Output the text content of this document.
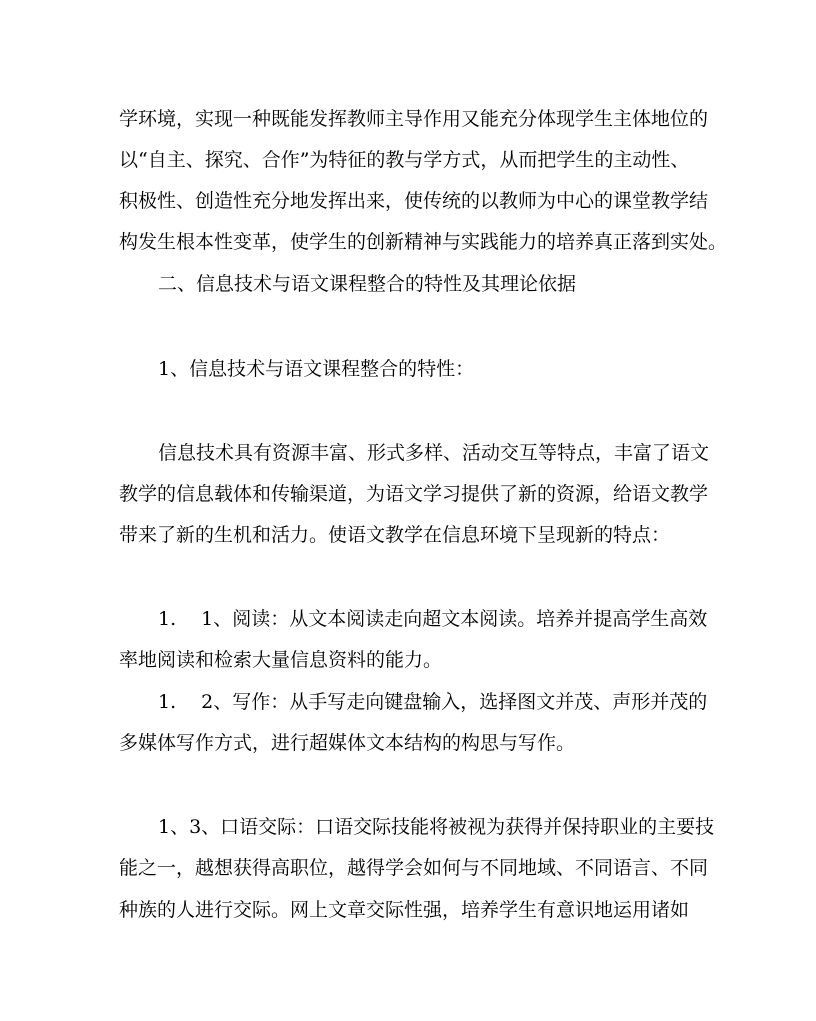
学环境，实现一种既能发挥教师主导作用又能充分体现学生主体地位的
以“自主、探究、合作”为特征的教与学方式，从而把学生的主动性、
积极性、创造性充分地发挥出来，使传统的以教师为中心的课堂教学结
构发生根本性变革，使学生的创新精神与实践能力的培养真正落到实处。
二、信息技术与语文课程整合的特性及其理论依据
1、信息技术与语文课程整合的特性：
信息技术具有资源丰富、形式多样、活动交互等特点，丰富了语文
教学的信息载体和传输渠道，为语文学习提供了新的资源，给语文教学
带来了新的生机和活力。使语文教学在信息环境下呈现新的特点：
1.　 1、阅读：从文本阅读走向超文本阅读。培养并提高学生高效
率地阅读和检索大量信息资料的能力。
1.　 2、写作：从手写走向键盘输入，选择图文并茂、声形并茂的
多媒体写作方式，进行超媒体文本结构的构思与写作。
1、3、口语交际：口语交际技能将被视为获得并保持职业的主要技
能之一，越想获得高职位，越得学会如何与不同地域、不同语言、不同
种族的人进行交际。网上文章交际性强，培养学生有意识地运用诸如
